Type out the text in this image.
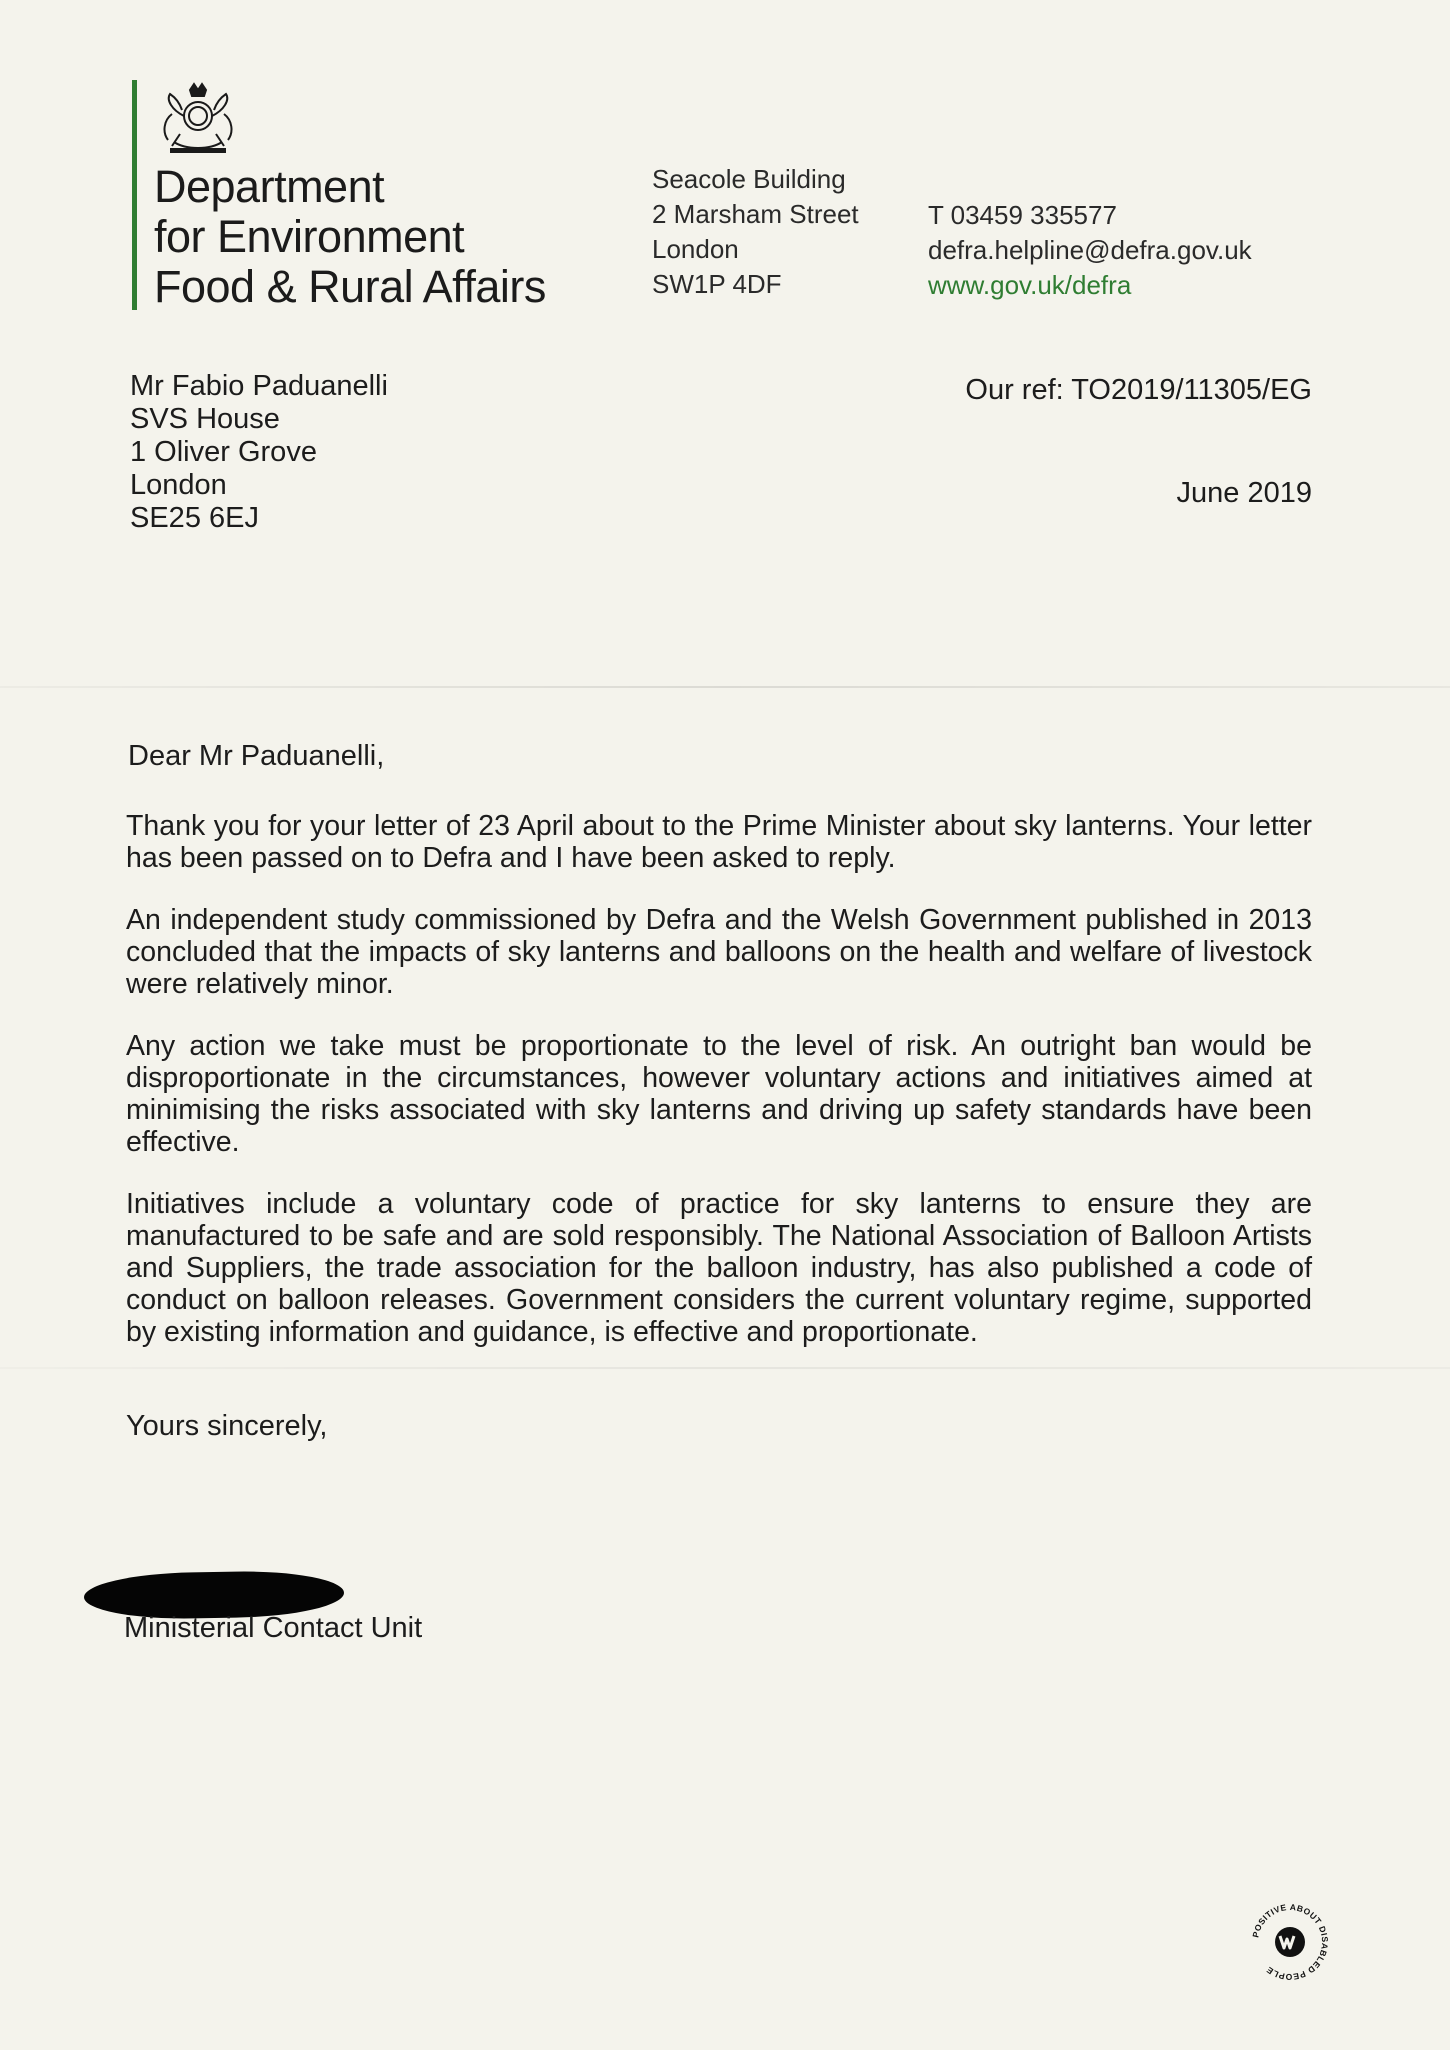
Department
for Environment
Food & Rural Affairs
Seacole Building
2 Marsham Street
London
SW1P 4DF
T 03459 335577
defra.helpline@defra.gov.uk
www.gov.uk/defra
Mr Fabio Paduanelli
SVS House
1 Oliver Grove
London
SE25 6EJ
Our ref: TO2019/11305/EG
June 2019
Dear Mr Paduanelli,

Thank you for your letter of 23 April about to the Prime Minister about sky lanterns. Your letter has been passed on to Defra and I have been asked to reply.

An independent study commissioned by Defra and the Welsh Government published in 2013 concluded that the impacts of sky lanterns and balloons on the health and welfare of livestock were relatively minor.

Any action we take must be proportionate to the level of risk. An outright ban would be disproportionate in the circumstances, however voluntary actions and initiatives aimed at minimising the risks associated with sky lanterns and driving up safety standards have been effective.

Initiatives include a voluntary code of practice for sky lanterns to ensure they are manufactured to be safe and are sold responsibly. The National Association of Balloon Artists and Suppliers, the trade association for the balloon industry, has also published a code of conduct on balloon releases. Government considers the current voluntary regime, supported by existing information and guidance, is effective and proportionate.

Yours sincerely,
Ministerial Contact Unit
POSITIVE ABOUT DISABLED PEOPLE
